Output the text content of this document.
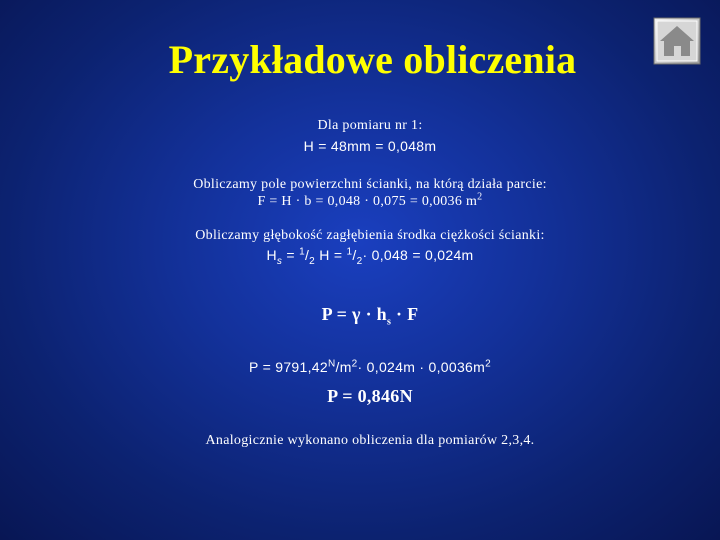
Przykładowe obliczenia
Dla pomiaru nr 1:
H = 48mm = 0,048m
Obliczamy pole powierzchni ścianki, na którą działa parcie:
F = H · b = 0,048 · 0,075 = 0,0036 $m^2$
Obliczamy głębokość zagłębienia środka ciężkości ścianki:
$H_s = ^1/_2$ $H = ^1/_2\cdot 0,048 = 0,024m$
$P = \gamma \cdot h_s \cdot F$
$P = 9791,42^N/m^2\cdot 0,024m \cdot 0,0036m^2$
P = 0,846N
Analogicznie wykonano obliczenia dla pomiarów 2,3,4.
